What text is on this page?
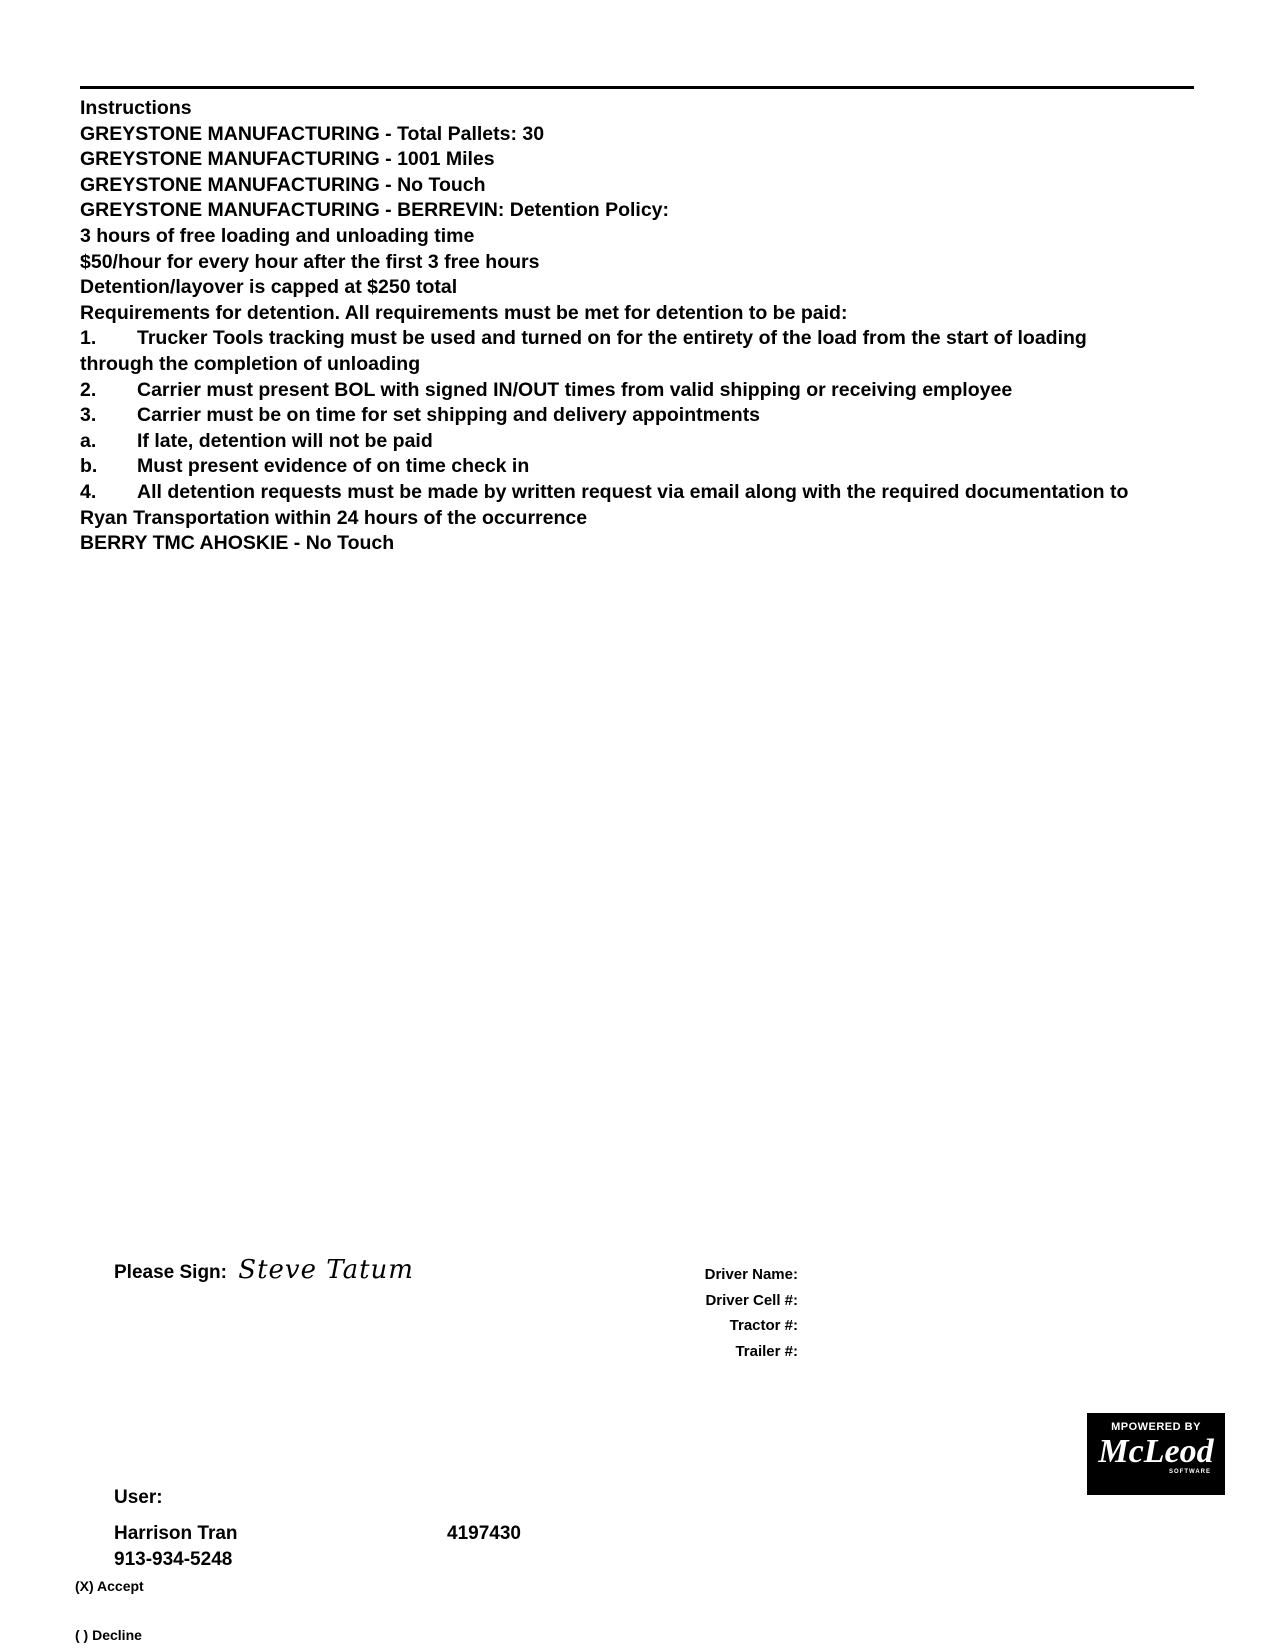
Instructions
GREYSTONE MANUFACTURING - Total Pallets: 30
GREYSTONE MANUFACTURING - 1001 Miles
GREYSTONE MANUFACTURING - No Touch
GREYSTONE MANUFACTURING - BERREVIN: Detention Policy:
3 hours of free loading and unloading time
$50/hour for every hour after the first 3 free hours
Detention/layover is capped at $250 total
Requirements for detention. All requirements must be met for detention to be paid:
1.	Trucker Tools tracking must be used and turned on for the entirety of the load from the start of loading
through the completion of unloading
2.	Carrier must present BOL with signed IN/OUT times from valid shipping or receiving employee
3.	Carrier must be on time for set shipping and delivery appointments
a.	If late, detention will not be paid
b.	Must present evidence of on time check in
4.	All detention requests must be made by written request via email along with the required documentation to
Ryan Transportation within 24 hours of the occurrence
BERRY TMC AHOSKIE - No Touch
Please Sign: Steve Tatum	Driver Name:
Driver Cell #:
Tractor #:
Trailer #:
MPOWERED BY
McLeod
SOFTWARE
User:
Harrison Tran	4197430
913-934-5248
(X) Accept
( ) Decline
